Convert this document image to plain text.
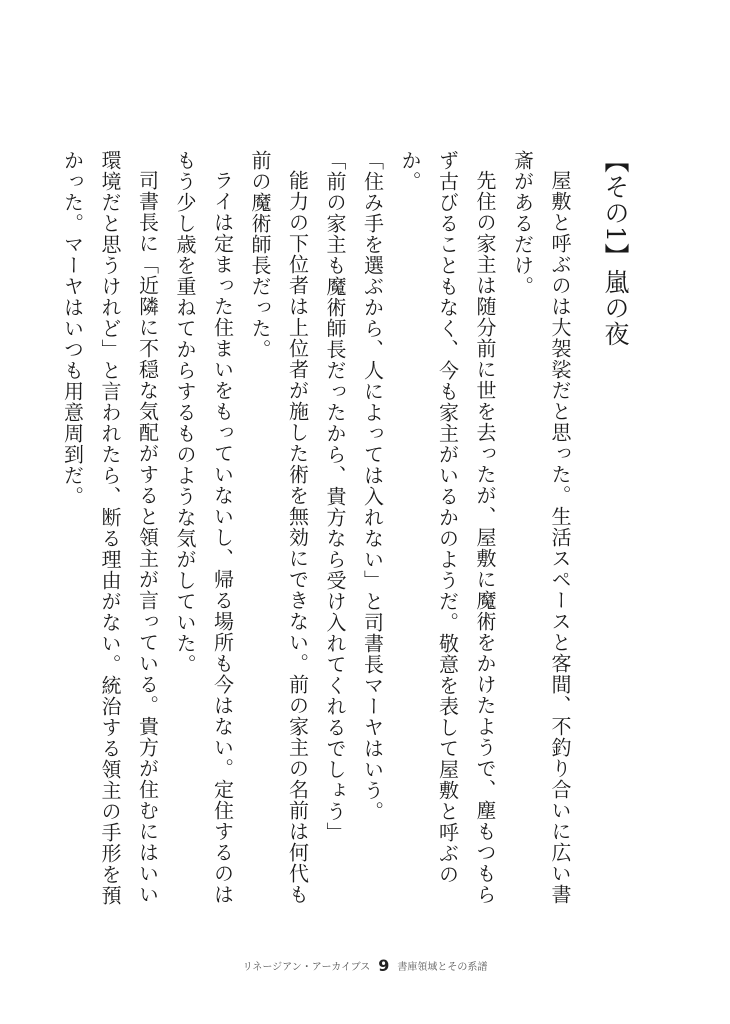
【その1】嵐の夜
屋敷と呼ぶのは大袈裟だと思った。生活スペースと客間、不釣り合いに広い書斎があるだけ。
先住の家主は随分前に世を去ったが、屋敷に魔術をかけたようで、塵もつもらず古びることもなく、今も家主がいるかのようだ。敬意を表して屋敷と呼ぶのか。
「住み手を選ぶから、人によっては入れない」と司書長マーヤはいう。
「前の家主も魔術師長だったから、貴方なら受け入れてくれるでしょう」
能力の下位者は上位者が施した術を無効にできない。前の家主の名前は何代も前の魔術師長だった。
ライは定まった住まいをもっていないし、帰る場所も今はない。定住するのはもう少し歳を重ねてからするものような気がしていた。
司書長に「近隣に不穏な気配がすると領主が言っている。貴方が住むにはいい環境だと思うけれど」と言われたら、断る理由がない。統治する領主の手形を預かった。マーヤはいつも用意周到だ。
リネージアン・アーカイブス 9 書庫領域とその系譜
